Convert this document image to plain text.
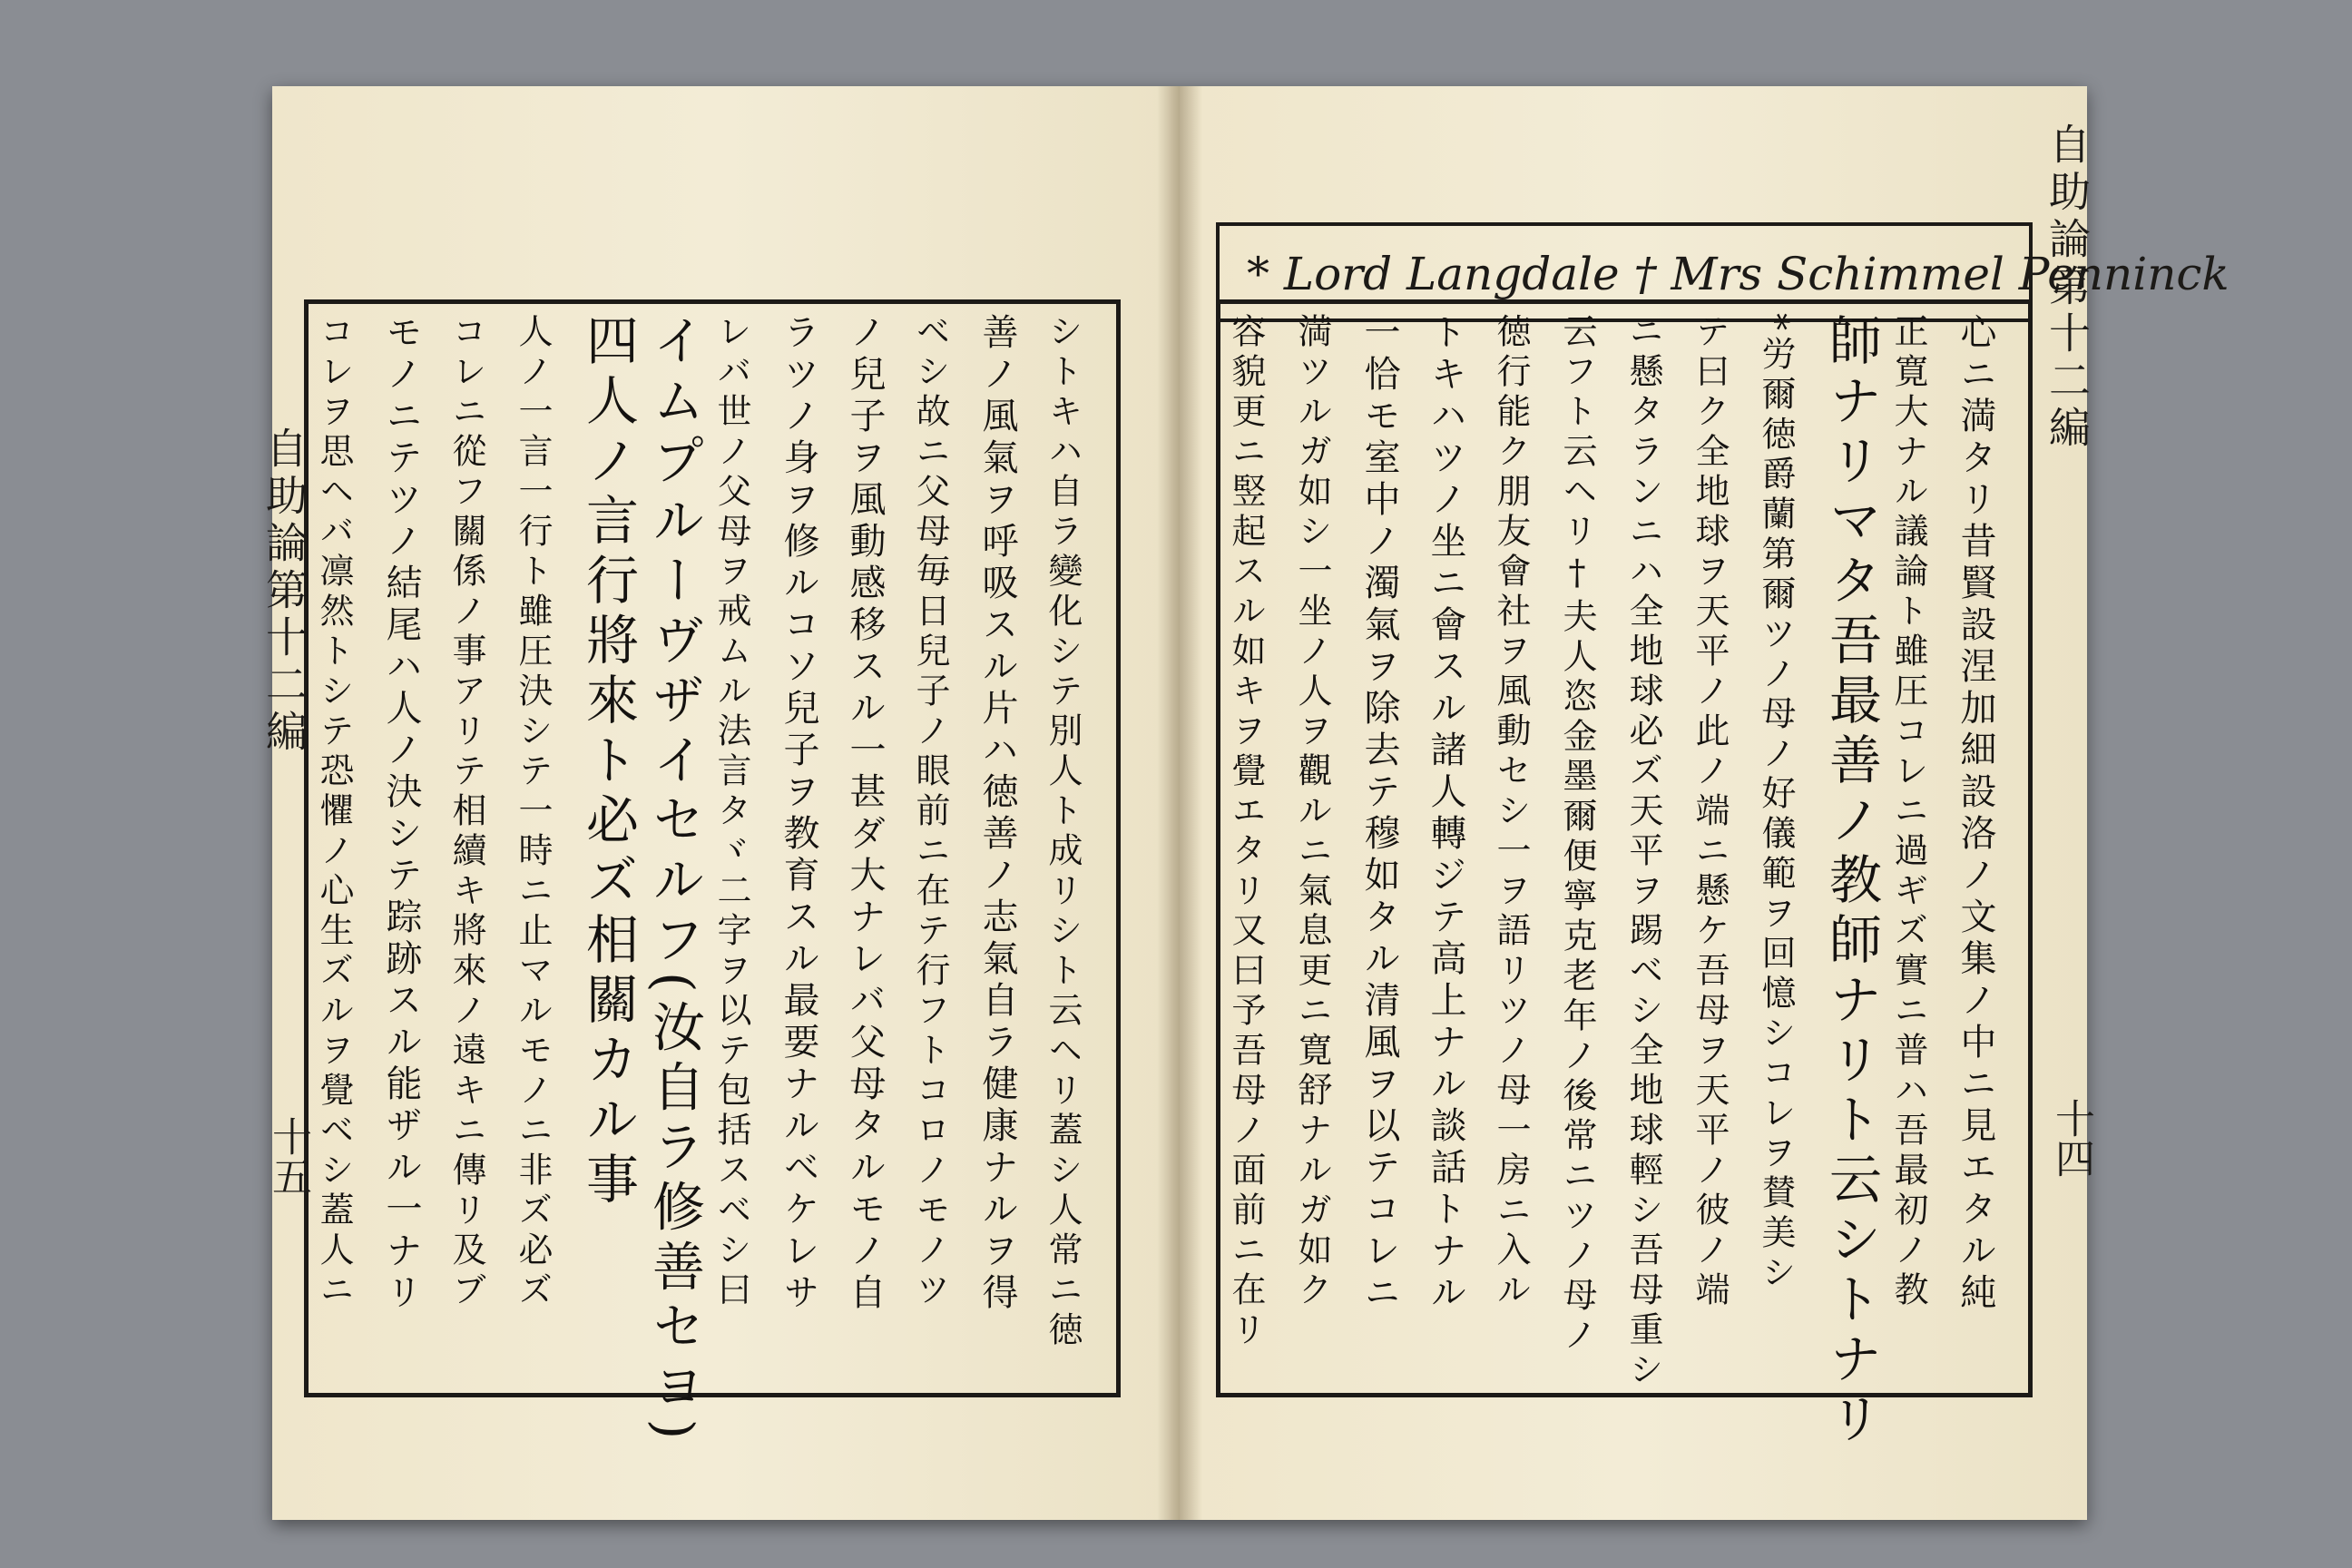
自助論第十二編
十五	シトキハ自ラ變化シテ別人ト成リシト云ヘリ蓋シ人常ニ徳
善ノ風氣ヲ呼吸スル片ハ徳善ノ志氣自ラ健康ナルヲ得
ベシ故ニ父母毎日兒子ノ眼前ニ在テ行フトコロノモノツ
ノ兒子ヲ風動感移スル一甚ダ大ナレバ父母タルモノ自
ラツノ身ヲ修ルコソ兒子ヲ教育スル最要ナルベケレサ
レバ世ノ父母ヲ戒ムル法言タヾ二字ヲ以テ包括スベシ曰
イムプルーヴザイセルフ(汝自ラ修善セヨ)
四人ノ言行將來ト必ズ相關カル事
人ノ一言一行ト雖圧決シテ一時ニ止マルモノニ非ズ必ズ
コレニ從フ關係ノ事アリテ相續キ將來ノ遠キニ傳リ及ブ
モノニテツノ結尾ハ人ノ決シテ踪跡スル能ザル一ナリ
コレヲ思ヘバ凛然トシテ恐懼ノ心生ズルヲ覺ベシ蓋人ニ
* Lord Langdale † Mrs Schimmel Penninck
自助論第十二編
十四
心ニ満タリ昔賢設涅加細設洛ノ文集ノ中ニ見エタル純
正寛大ナル議論ト雖圧コレニ過ギズ實ニ普ハ吾最初ノ教
師ナリマタ吾最善ノ教師ナリト云シトナリ
*労爾徳爵蘭第爾ツノ母ノ好儀範ヲ回憶シコレヲ賛美シ
テ曰ク全地球ヲ天平ノ此ノ端ニ懸ケ吾母ヲ天平ノ彼ノ端
ニ懸タランニハ全地球必ズ天平ヲ踢ベシ全地球輕シ吾母重シ
云フト云ヘリ†夫人恣金墨爾便寧克老年ノ後常ニツノ母ノ
徳行能ク朋友會社ヲ風動セシ一ヲ語リツノ母一房ニ入ル
トキハツノ坐ニ會スル諸人轉ジテ高上ナル談話トナル
一恰モ室中ノ濁氣ヲ除去テ穆如タル清風ヲ以テコレニ
満ツルガ如シ一坐ノ人ヲ觀ルニ氣息更ニ寛舒ナルガ如ク
容貌更ニ竪起スル如キヲ覺エタリ又曰予吾母ノ面前ニ在リ
